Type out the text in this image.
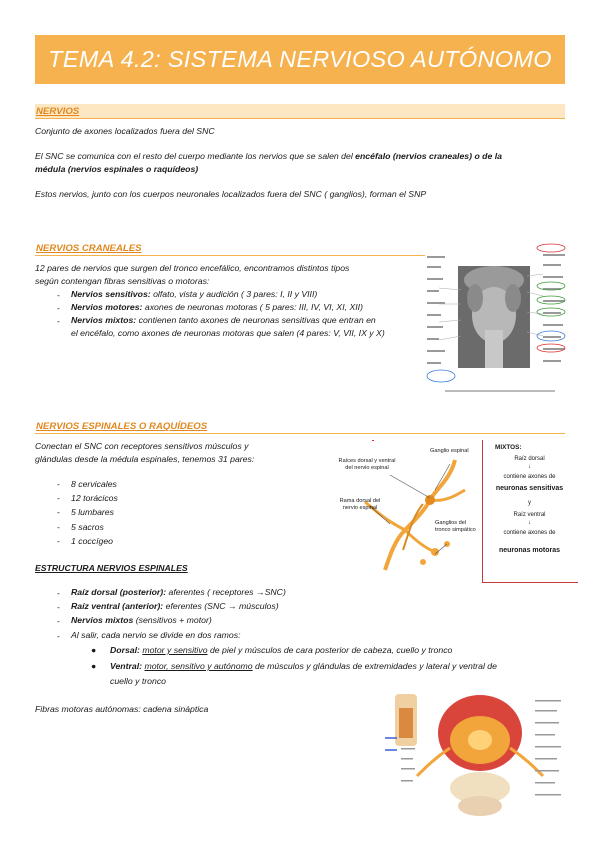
TEMA 4.2: SISTEMA NERVIOSO AUTÓNOMO
NERVIOS
Conjunto de axones localizados fuera del SNC
El SNC se comunica con el resto del cuerpo mediante los nervios que se salen del encéfalo (nervios craneales) o de la
médula (nervios espinales o raquídeos)
Estos nervios, junto con los cuerpos neuronales localizados fuera del SNC ( ganglios), forman el SNP
NERVIOS CRANEALES
12 pares de nervios que surgen del tronco encefálico, encontramos distintos tipos
según contengan fibras sensitivas o motoras:
- Nervios sensitivos: olfato, vista y audición ( 3 pares: I, II y VIII)
- Nervios motores: axones de neuronas motoras ( 5 pares: III, IV, VI, XI, XII)
- Nervios mixtos: contienen tanto axones de neuronas sensitivas que entran en
el encéfalo, como axones de neuronas motoras que salen (4 pares: V, VII, IX y X)
NERVIOS ESPINALES O RAQUÍDEOS
Conectan el SNC con receptores sensitivos músculos y
glándulas desde la médula espinales, tenemos 31 pares:
- 8 cervicales
- 12 torácicos
- 5 lumbares
- 5 sacros
- 1 coccígeo
ESTRUCTURA NERVIOS ESPINALES
- Raíz dorsal (posterior): aferentes ( receptores →SNC)
- Raíz ventral (anterior): eferentes (SNC → músculos)
- Nervios mixtos (sensitivos + motor)
- Al salir, cada nervio se divide en dos ramos:
● Dorsal: motor y sensitivo de piel y músculos de cara posterior de cabeza, cuello y tronco
● Ventral: motor, sensitivo y autónomo de músculos y glándulas de extremidades y lateral y ventral de
cuello y tronco
Fibras motoras autónomas: cadena sináptica
Raíces dorsal y ventral del nervio espinal
Ganglio espinal
Rama dorsal del nervio espinal
Ganglios del tronco simpático
MIXTOS:
Raíz dorsal
↓
contiene axones de
neuronas sensitivas
y
Raíz ventral
↓
contiene axones de
neuronas motoras
